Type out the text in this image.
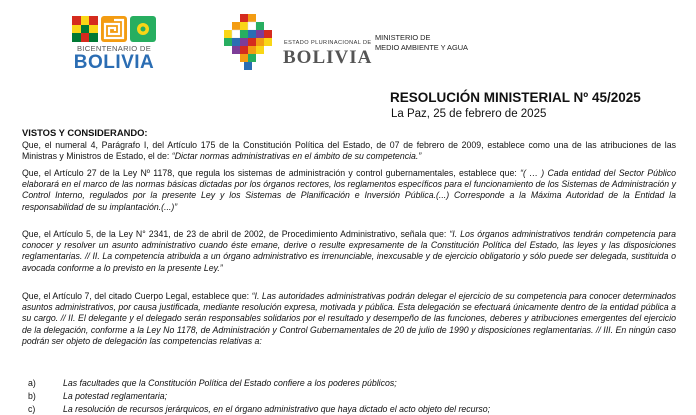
BICENTENARIO DE
BOLIVIA
ESTADO PLURINACIONAL DE
BOLIVIA
MINISTERIO DE
MEDIO AMBIENTE Y AGUA
RESOLUCIÓN MINISTERIAL Nº 45/2025
La Paz, 25 de febrero de 2025
VISTOS Y CONSIDERANDO:

Que, el numeral 4, Parágrafo I, del Artículo 175 de la Constitución Política del Estado, de 07 de febrero de 2009, establece como una de las atribuciones de las Ministras y Ministros de Estado, el de: “Dictar normas administrativas en el ámbito de su competencia.”

Que, el Artículo 27 de la Ley Nº 1178, que regula los sistemas de administración y control gubernamentales, establece que: “( … ) Cada entidad del Sector Público elaborará en el marco de las normas básicas dictadas por los órganos rectores, los reglamentos específicos para el funcionamiento de los Sistemas de Administración y Control Interno, regulados por la presente Ley y los Sistemas de Planificación e Inversión Pública.(...) Corresponde a la Máxima Autoridad de la Entidad la responsabilidad de su implantación.(...)”

Que, el Artículo 5, de la Ley N° 2341, de 23 de abril de 2002, de Procedimiento Administrativo, señala que: “I. Los órganos administrativos tendrán competencia para conocer y resolver un asunto administrativo cuando éste emane, derive o resulte expresamente de la Constitución Política del Estado, las leyes y las disposiciones reglamentarias. // II. La competencia atribuida a un órgano administrativo es irrenunciable, inexcusable y de ejercicio obligatorio y sólo puede ser delegada, sustituida o avocada conforme a lo previsto en la presente Ley.”

Que, el Artículo 7, del citado Cuerpo Legal, establece que: “I. Las autoridades administrativas podrán delegar el ejercicio de su competencia para conocer determinados asuntos administrativos, por causa justificada, mediante resolución expresa, motivada y pública. Esta delegación se efectuará únicamente dentro de la entidad pública a su cargo. // II. El delegante y el delegado serán responsables solidarios por el resultado y desempeño de las funciones, deberes y atribuciones emergentes del ejercicio de la delegación, conforme a la Ley No 1178, de Administración y Control Gubernamentales de 20 de julio de 1990 y disposiciones reglamentarias. // III. En ningún caso podrán ser objeto de delegación las competencias relativas a:

a)	Las facultades que la Constitución Política del Estado confiere a los poderes públicos;
b)	La potestad reglamentaria;
c)	La resolución de recursos jerárquicos, en el órgano administrativo que haya dictado el acto objeto del recurso;
